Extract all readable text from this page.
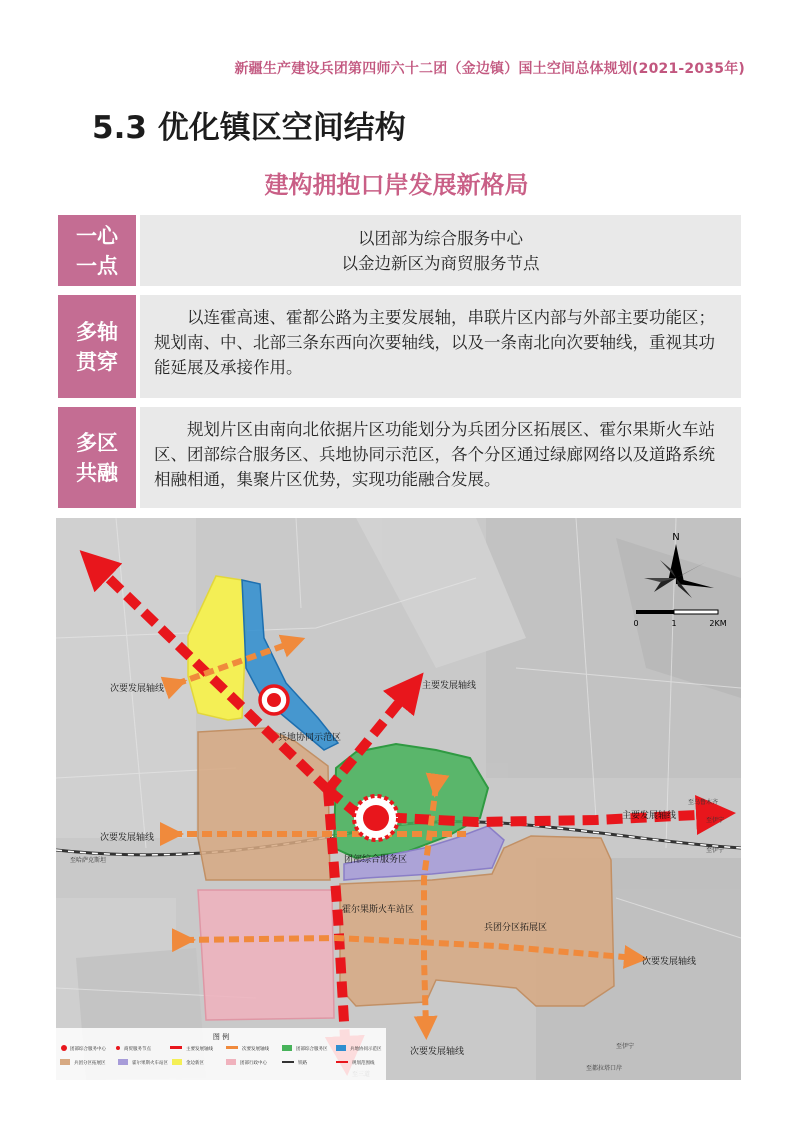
新疆生产建设兵团第四师六十二团（金边镇）国土空间总体规划(2021-2035年)
5.3 优化镇区空间结构
建构拥抱口岸发展新格局
一心
一点
以团部为综合服务中心
以金边新区为商贸服务节点
多轴
贯穿
以连霍高速、霍都公路为主要发展轴，串联片区内部与外部主要功能区；规划南、中、北部三条东西向次要轴线，以及一条南北向次要轴线，重视其功能延展及承接作用。
多区
共融
规划片区由南向北依据片区功能划分为兵团分区拓展区、霍尔果斯火车站区、团部综合服务区、兵地协同示范区，各个分区通过绿廊网络以及道路系统相融相通，集聚片区优势，实现功能融合发展。
N
0	1	2KM
次要发展轴线	主要发展轴线
兵地协同示范区
次要发展轴线
主要发展轴线
团部综合服务区
霍尔果斯火车站区
兵团分区拓展区
次要发展轴线
次要发展轴线
至乌鲁木齐
至伊宁
至伊宁
至哈萨克斯坦
至伊宁
至都拉塔口岸
图 例
团部综合服务中心	商贸服务节点	主要发展轴线	次要发展轴线	团部综合服务区	兵地协同示范区
兵团分区拓展区	霍尔果斯火车站区	金边新区	团部行政中心	铁路	规划范围线
